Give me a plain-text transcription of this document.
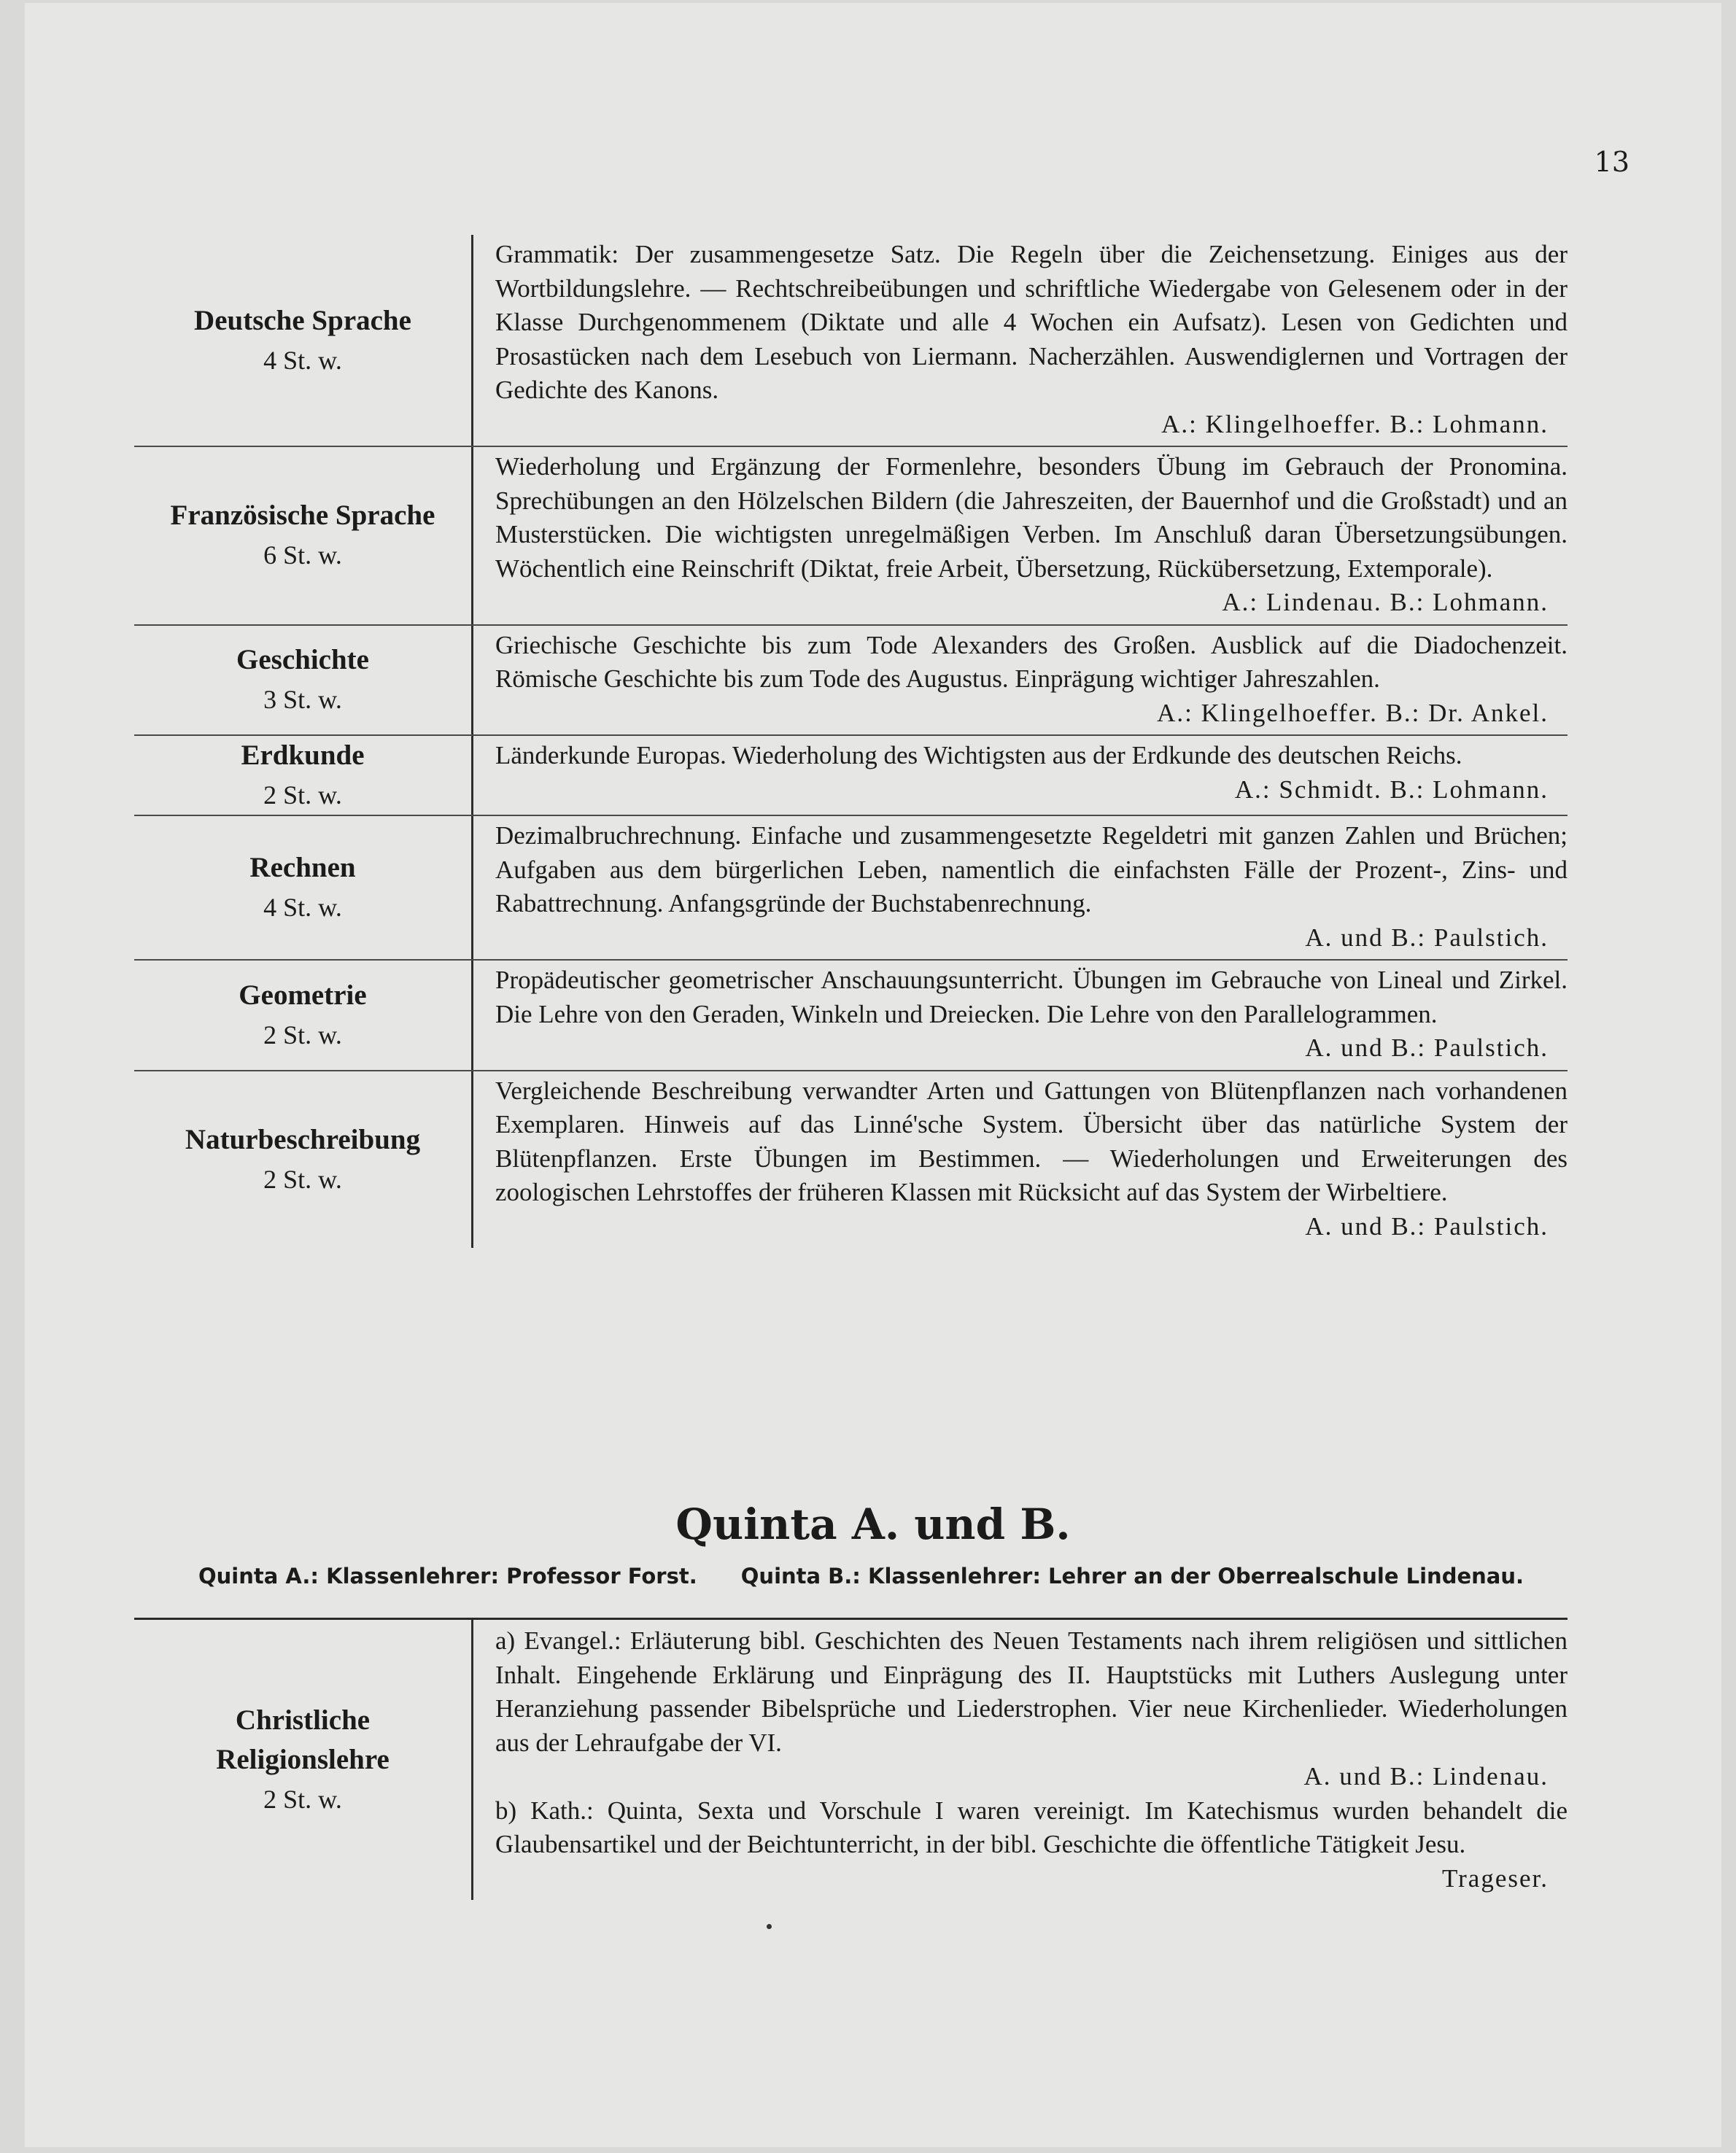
13
Deutsche Sprache
4 St. w.
Grammatik: Der zusammengesetze Satz. Die Regeln über die Zeichensetzung. Einiges aus der Wortbildungslehre. — Rechtschreibeübungen und schriftliche Wiedergabe von Gelesenem oder in der Klasse Durchgenommenem (Diktate und alle 4 Wochen ein Aufsatz). Lesen von Gedichten und Prosastücken nach dem Lesebuch von Liermann. Nacherzählen. Auswendiglernen und Vortragen der Gedichte des Kanons.
A.: Klingelhoeffer. B.: Lohmann.
Französische Sprache
6 St. w.
Wiederholung und Ergänzung der Formenlehre, besonders Übung im Gebrauch der Pronomina. Sprechübungen an den Hölzelschen Bildern (die Jahreszeiten, der Bauernhof und die Großstadt) und an Musterstücken. Die wichtigsten unregelmäßigen Verben. Im Anschluß daran Übersetzungsübungen. Wöchentlich eine Reinschrift (Diktat, freie Arbeit, Übersetzung, Rückübersetzung, Extemporale).
A.: Lindenau. B.: Lohmann.
Geschichte
3 St. w.
Griechische Geschichte bis zum Tode Alexanders des Großen. Ausblick auf die Diadochenzeit. Römische Geschichte bis zum Tode des Augustus. Einprägung wichtiger Jahreszahlen.
A.: Klingelhoeffer. B.: Dr. Ankel.
Erdkunde
2 St. w.
Länderkunde Europas. Wiederholung des Wichtigsten aus der Erdkunde des deutschen Reichs.
A.: Schmidt. B.: Lohmann.
Rechnen
4 St. w.
Dezimalbruchrechnung. Einfache und zusammengesetzte Regeldetri mit ganzen Zahlen und Brüchen; Aufgaben aus dem bürgerlichen Leben, namentlich die einfachsten Fälle der Prozent-, Zins- und Rabattrechnung. Anfangsgründe der Buchstabenrechnung.
A. und B.: Paulstich.
Geometrie
2 St. w.
Propädeutischer geometrischer Anschauungsunterricht. Übungen im Gebrauche von Lineal und Zirkel. Die Lehre von den Geraden, Winkeln und Dreiecken. Die Lehre von den Parallelogrammen.
A. und B.: Paulstich.
Naturbeschreibung
2 St. w.
Vergleichende Beschreibung verwandter Arten und Gattungen von Blütenpflanzen nach vorhandenen Exemplaren. Hinweis auf das Linné'sche System. Übersicht über das natürliche System der Blütenpflanzen. Erste Übungen im Bestimmen. — Wiederholungen und Erweiterungen des zoologischen Lehrstoffes der früheren Klassen mit Rücksicht auf das System der Wirbeltiere.
A. und B.: Paulstich.
Quinta A. und B.
Quinta A.: Klassenlehrer: Professor Forst. Quinta B.: Klassenlehrer: Lehrer an der Oberrealschule Lindenau.
Christliche
Religionslehre
2 St. w.
a) Evangel.: Erläuterung bibl. Geschichten des Neuen Testaments nach ihrem religiösen und sittlichen Inhalt. Eingehende Erklärung und Einprägung des II. Hauptstücks mit Luthers Auslegung unter Heranziehung passender Bibelsprüche und Liederstrophen. Vier neue Kirchenlieder. Wiederholungen aus der Lehraufgabe der VI.
A. und B.: Lindenau.
b) Kath.: Quinta, Sexta und Vorschule I waren vereinigt. Im Katechismus wurden behandelt die Glaubensartikel und der Beichtunterricht, in der bibl. Geschichte die öffentliche Tätigkeit Jesu.
Trageser.
